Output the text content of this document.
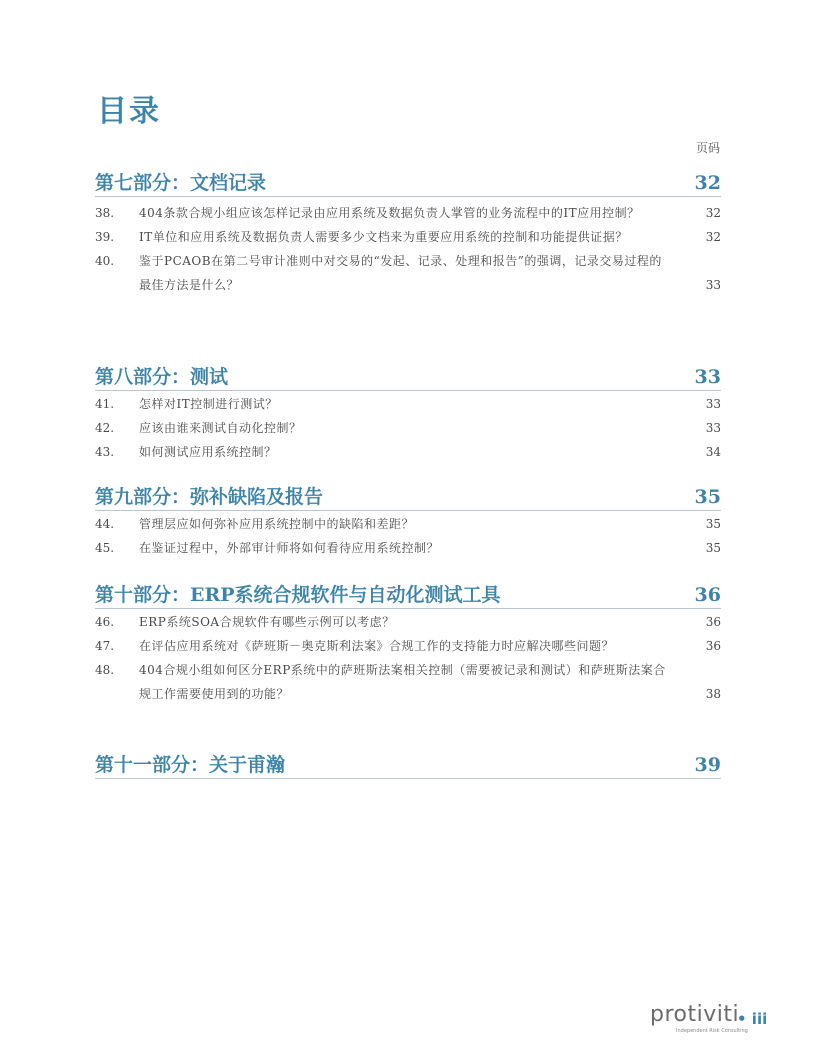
目录
页码
第七部分：文档记录	32
38. 404条款合规小组应该怎样记录由应用系统及数据负责人掌管的业务流程中的IT应用控制？	32
39. IT单位和应用系统及数据负责人需要多少文档来为重要应用系统的控制和功能提供证据？	32
40. 鉴于PCAOB在第二号审计准则中对交易的“发起、记录、处理和报告”的强调，记录交易过程的最佳方法是什么？	33
第八部分：测试	33
41. 怎样对IT控制进行测试？	33
42. 应该由谁来测试自动化控制？	33
43. 如何测试应用系统控制？	34
第九部分：弥补缺陷及报告	35
44. 管理层应如何弥补应用系统控制中的缺陷和差距？	35
45. 在鉴证过程中，外部审计师将如何看待应用系统控制？	35
第十部分：ERP系统合规软件与自动化测试工具	36
46. ERP系统SOA合规软件有哪些示例可以考虑？	36
47. 在评估应用系统对《萨班斯－奥克斯利法案》合规工作的支持能力时应解决哪些问题？	36
48. 404合规小组如何区分ERP系统中的萨班斯法案相关控制（需要被记录和测试）和萨班斯法案合规工作需要使用到的功能？	38
第十一部分：关于甫瀚	39
protiviti
Independent Risk Consulting
• iii
